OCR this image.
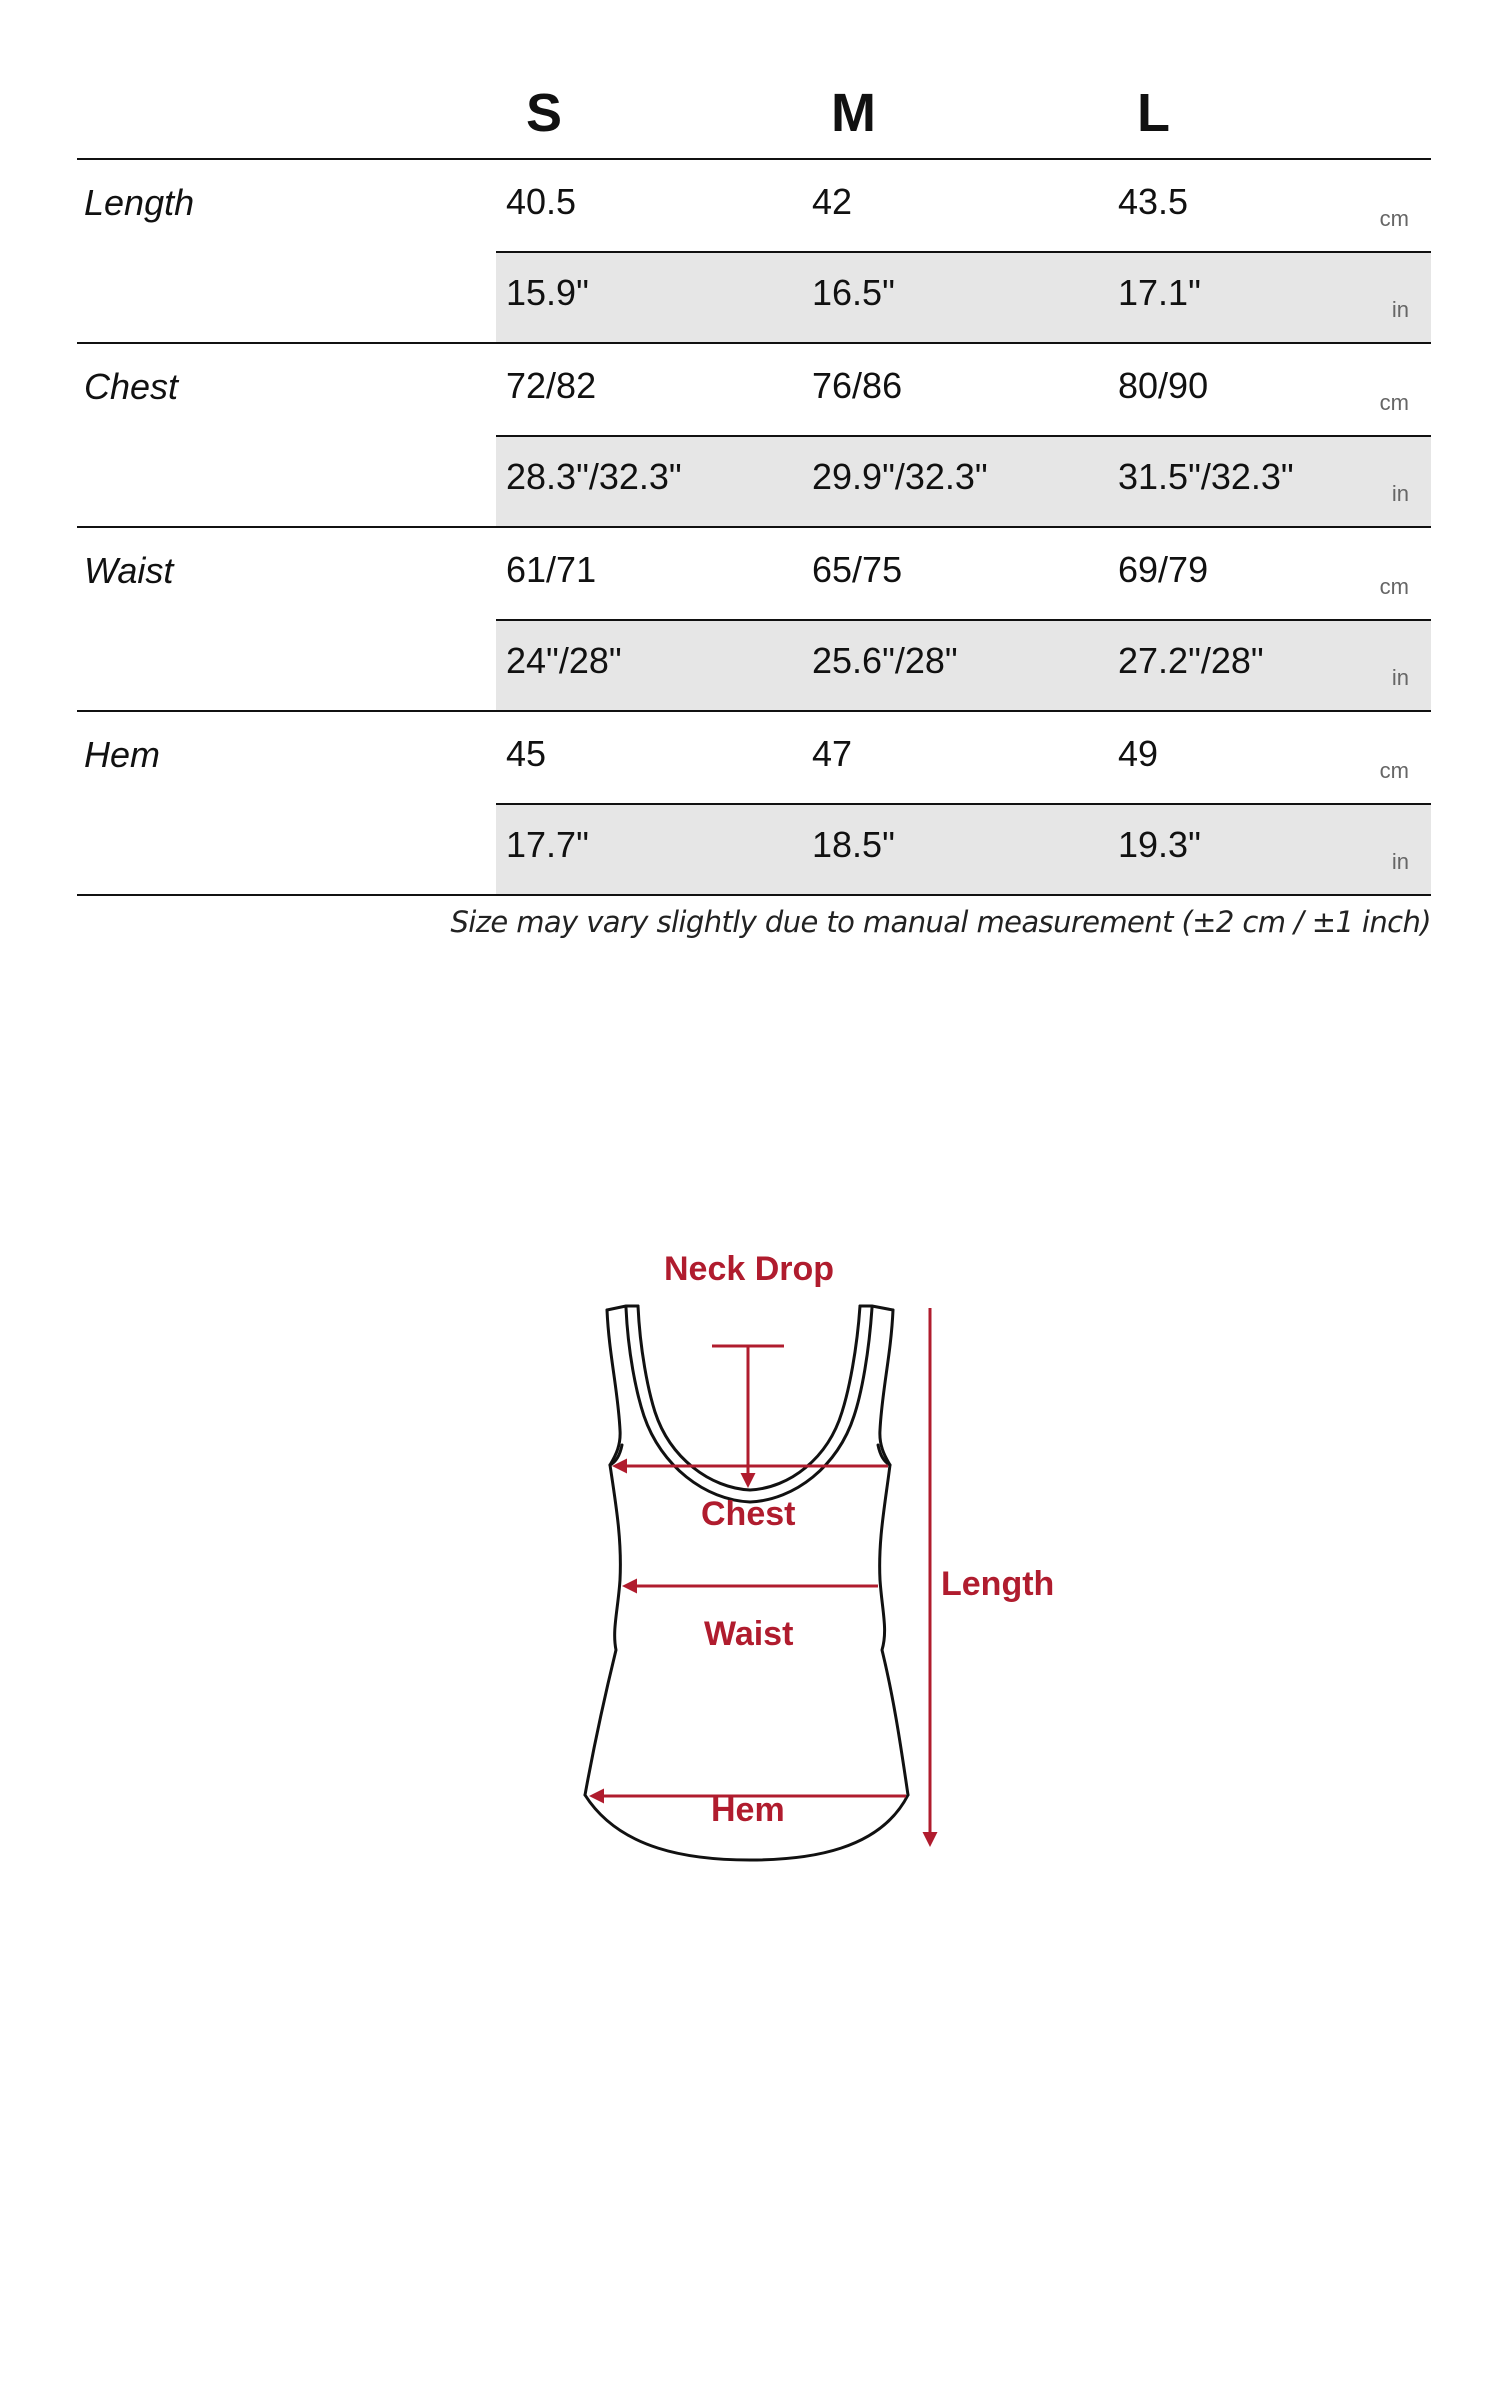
S	M	L
Length	40.5	42	43.5	cm
15.9"	16.5"	17.1"	in
Chest	72/82	76/86	80/90	cm
28.3"/32.3"	29.9"/32.3"	31.5"/32.3"	in
Waist	61/71	65/75	69/79	cm
24"/28"	25.6"/28"	27.2"/28"	in
Hem	45	47	49	cm
17.7"	18.5"	19.3"	in
Size may vary slightly due to manual measurement (±2 cm / ±1 inch)
Neck Drop
Chest
Waist
Hem
Length
